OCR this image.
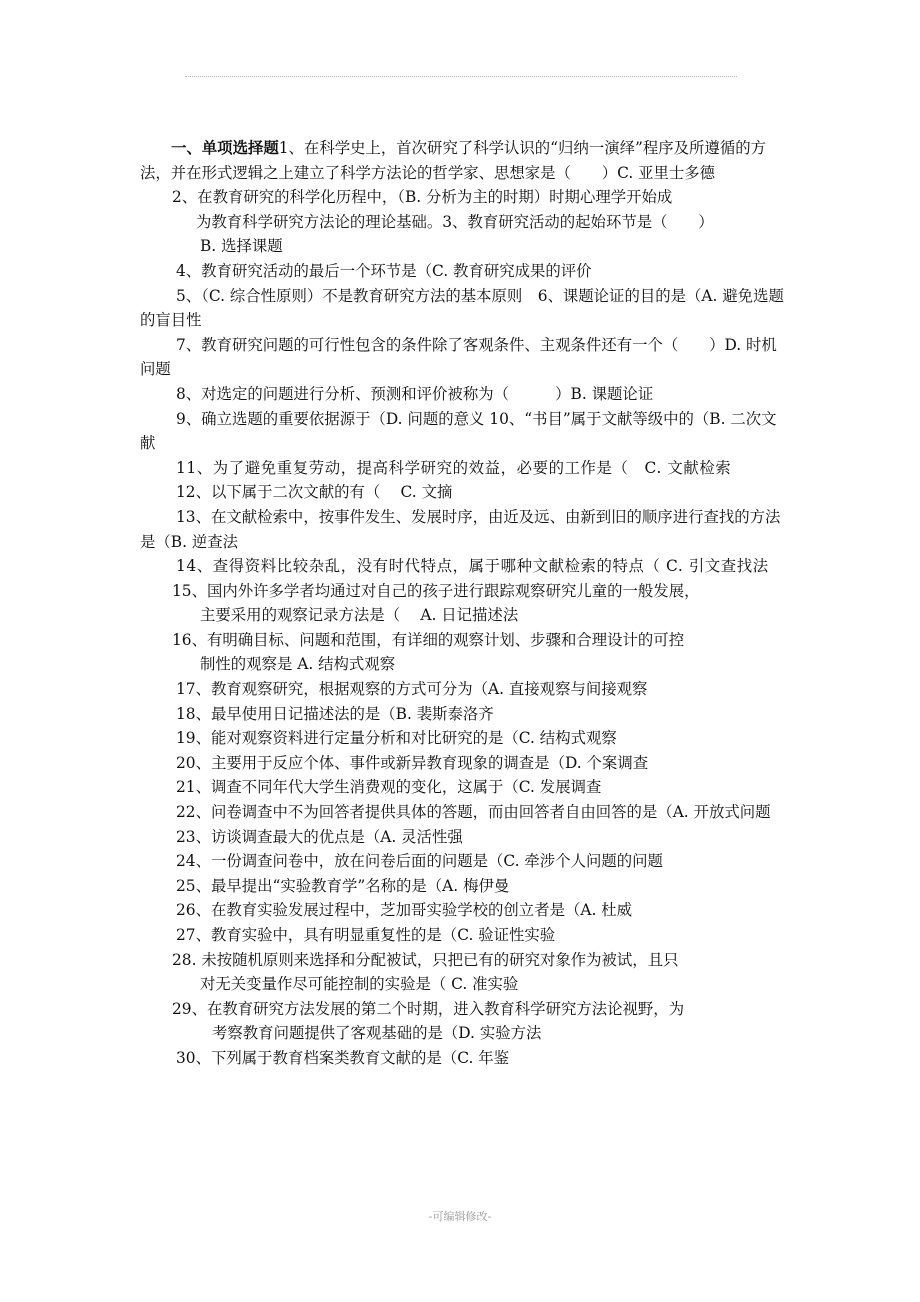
一、单项选择题1、在科学史上，首次研究了科学认识的“归纳一演绎”程序及所遵循的方法，并在形式逻辑之上建立了科学方法论的哲学家、思想家是（　　）C. 亚里士多德

2、在教育研究的科学化历程中，（B. 分析为主的时期）时期心理学开始成
为教育科学研究方法论的理论基础。3、教育研究活动的起始环节是（　　）
B. 选择课题

4、教育研究活动的最后一个环节是（C. 教育研究成果的评价

5、（C. 综合性原则）不是教育研究方法的基本原则　6、课题论证的目的是（A. 避免选题的盲目性

7、教育研究问题的可行性包含的条件除了客观条件、主观条件还有一个（　　）D. 时机问题

8、对选定的问题进行分析、预测和评价被称为（　　　）B. 课题论证

9、确立选题的重要依据源于（D. 问题的意义 10、“书目”属于文献等级中的（B. 二次文献

11、为了避免重复劳动，提高科学研究的效益，必要的工作是（　C. 文献检索

12、以下属于二次文献的有（　 C. 文摘

13、在文献检索中，按事件发生、发展时序，由近及远、由新到旧的顺序进行查找的方法是（B. 逆查法

14、查得资料比较杂乱，没有时代特点，属于哪种文献检索的特点（ C. 引文查找法

15、国内外许多学者均通过对自己的孩子进行跟踪观察研究儿童的一般发展，
主要采用的观察记录方法是（　 A. 日记描述法

16、有明确目标、问题和范围，有详细的观察计划、步骤和合理设计的可控
制性的观察是 A. 结构式观察

17、教育观察研究，根据观察的方式可分为（A. 直接观察与间接观察

18、最早使用日记描述法的是（B. 裴斯泰洛齐

19、能对观察资料进行定量分析和对比研究的是（C. 结构式观察

20、主要用于反应个体、事件或新异教育现象的调查是（D. 个案调查

21、调查不同年代大学生消费观的变化，这属于（C. 发展调查

22、问卷调查中不为回答者提供具体的答题，而由回答者自由回答的是（A. 开放式问题

23、访谈调查最大的优点是（A. 灵活性强

24、一份调查问卷中，放在问卷后面的问题是（C. 牵涉个人问题的问题

25、最早提出“实验教育学”名称的是（A. 梅伊曼

26、在教育实验发展过程中，芝加哥实验学校的创立者是（A. 杜威

27、教育实验中，具有明显重复性的是（C. 验证性实验

28. 未按随机原则来选择和分配被试，只把已有的研究对象作为被试，且只
对无关变量作尽可能控制的实验是（ C. 准实验

29、在教育研究方法发展的第二个时期，进入教育科学研究方法论视野，为
考察教育问题提供了客观基础的是（D. 实验方法

30、下列属于教育档案类教育文献的是（C. 年鉴

-可编辑修改-
